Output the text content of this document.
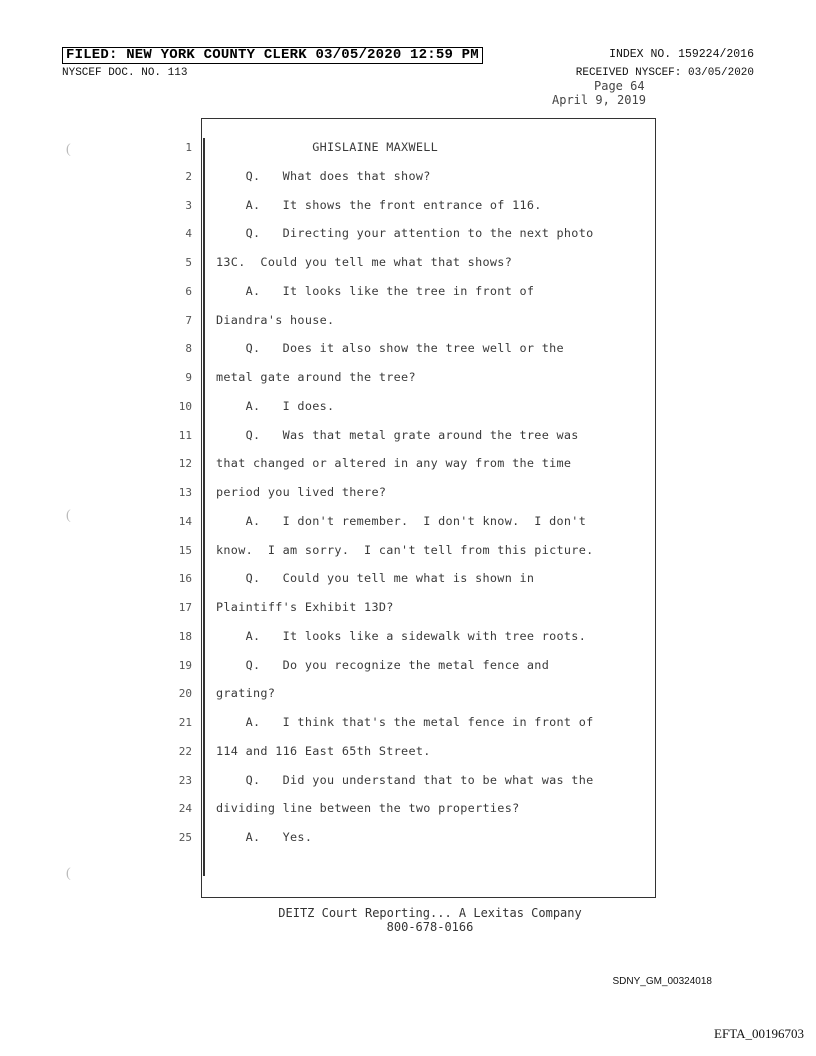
FILED: NEW YORK COUNTY CLERK 03/05/2020 12:59 PM	INDEX NO. 159224/2016
NYSCEF DOC. NO. 113	RECEIVED NYSCEF: 03/05/2020
Page 64
April 9, 2019
(
(
(
1 GHISLAINE MAXWELL
2 Q.   What does that show?
3 A.   It shows the front entrance of 116.
4 Q.   Directing your attention to the next photo
5 13C.  Could you tell me what that shows?
6 A.   It looks like the tree in front of
7 Diandra's house.
8 Q.   Does it also show the tree well or the
9 metal gate around the tree?
10 A.   I does.
11 Q.   Was that metal grate around the tree was
12 that changed or altered in any way from the time
13 period you lived there?
14 A.   I don't remember.  I don't know.  I don't
15 know.  I am sorry.  I can't tell from this picture.
16 Q.   Could you tell me what is shown in
17 Plaintiff's Exhibit 13D?
18 A.   It looks like a sidewalk with tree roots.
19 Q.   Do you recognize the metal fence and
20 grating?
21 A.   I think that's the metal fence in front of
22 114 and 116 East 65th Street.
23 Q.   Did you understand that to be what was the
24 dividing line between the two properties?
25 A.   Yes.
DEITZ Court Reporting... A Lexitas Company
800-678-0166
SDNY_GM_00324018
EFTA_00196703
